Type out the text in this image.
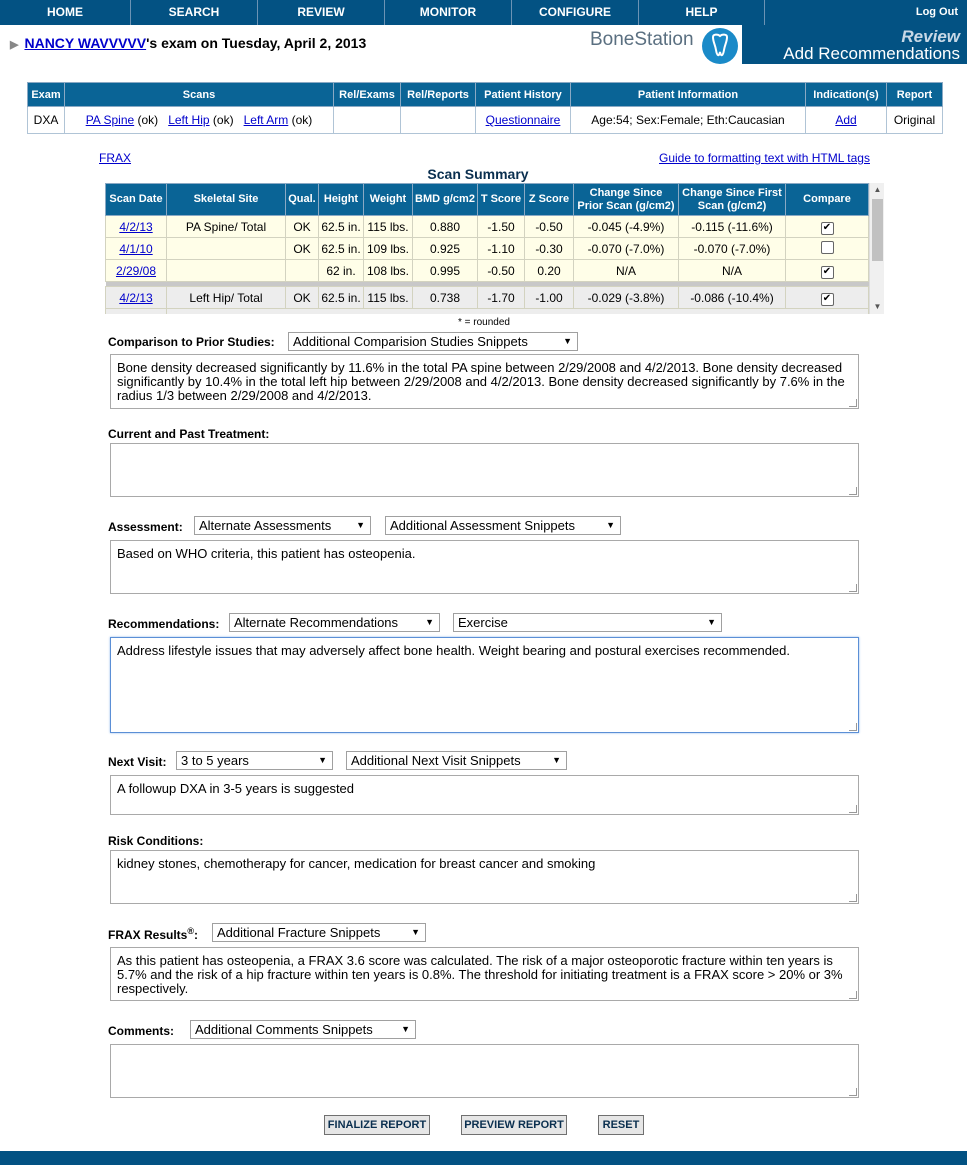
HOME	SEARCH	REVIEW	MONITOR	CONFIGURE	HELP	Log Out
▶ NANCY WAVVVVV's exam on Tuesday, April 2, 2013	BoneStation	Review
Add Recommendations
Exam	Scans	Rel/Exams	Rel/Reports	Patient History	Patient Information	Indication(s)	Report
DXA	PA Spine (ok) Left Hip (ok) Left Arm (ok)			Questionnaire	Age:54; Sex:Female; Eth:Caucasian	Add	Original
FRAX	Guide to formatting text with HTML tags
Scan Summary
Scan Date	Skeletal Site	Qual.	Height	Weight	BMD g/cm2	T Score	Z Score	Change Since Prior Scan (g/cm2)	Change Since First Scan (g/cm2)	Compare
4/2/13	PA Spine/ Total	OK	62.5 in.	115 lbs.	0.880	-1.50	-0.50	-0.045 (-4.9%)	-0.115 (-11.6%)	✔
4/1/10		OK	62.5 in.	109 lbs.	0.925	-1.10	-0.30	-0.070 (-7.0%)	-0.070 (-7.0%)	
2/29/08			62 in.	108 lbs.	0.995	-0.50	0.20	N/A	N/A	✔

4/2/13	Left Hip/ Total	OK	62.5 in.	115 lbs.	0.738	-1.70	-1.00	-0.029 (-3.8%)	-0.086 (-10.4%)	✔

▲
▼
* = rounded
Comparison to Prior Studies:	Additional Comparision Studies Snippets	▼
Bone density decreased significantly by 11.6% in the total PA spine between 2/29/2008 and 4/2/2013. Bone density decreased significantly by 10.4% in the total left hip between 2/29/2008 and 4/2/2013. Bone density decreased significantly by 7.6% in the radius 1/3 between 2/29/2008 and 4/2/2013.
Current and Past Treatment:
Assessment:	Alternate Assessments	▼	Additional Assessment Snippets	▼
Based on WHO criteria, this patient has osteopenia.
Recommendations:	Alternate Recommendations	▼	Exercise	▼
Address lifestyle issues that may adversely affect bone health. Weight bearing and postural exercises recommended.
Next Visit:	3 to 5 years	▼	Additional Next Visit Snippets	▼
A followup DXA in 3-5 years is suggested
Risk Conditions:
kidney stones, chemotherapy for cancer, medication for breast cancer and smoking
FRAX Results®:	Additional Fracture Snippets	▼
As this patient has osteopenia, a FRAX 3.6 score was calculated. The risk of a major osteoporotic fracture within ten years is 5.7% and the risk of a hip fracture within ten years is 0.8%. The threshold for initiating treatment is a FRAX score > 20% or 3% respectively.
Comments:	Additional Comments Snippets	▼
FINALIZE REPORT	PREVIEW REPORT	RESET
